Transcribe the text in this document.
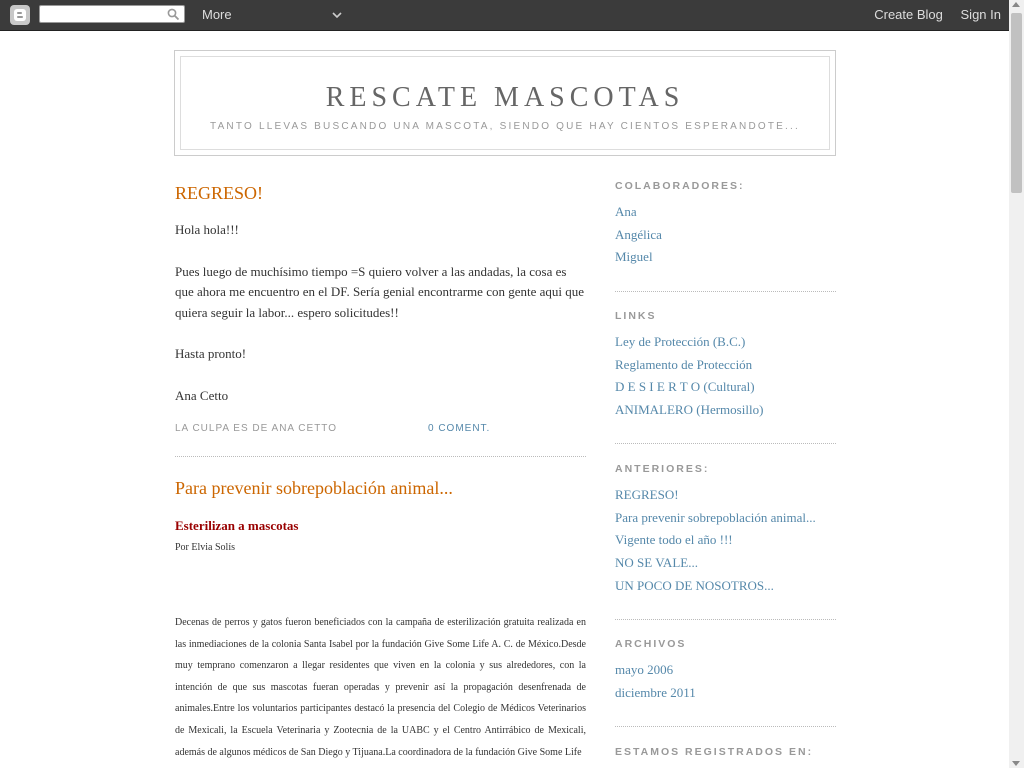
More	Create Blog Sign In
RESCATE MASCOTAS
TANTO LLEVAS BUSCANDO UNA MASCOTA, SIENDO QUE HAY CIENTOS ESPERANDOTE...
REGRESO!

Hola hola!!!

Pues luego de muchísimo tiempo =S quiero volver a las andadas, la cosa es que ahora me encuentro en el DF. Sería genial encontrarme con gente aqui que quiera seguir la labor... espero solicitudes!!

Hasta pronto!

Ana Cetto

LA CULPA ES DE ANA CETTO	0 COMENT.
Para prevenir sobrepoblación animal...
Esterilizan a mascotas
Por Elvia Solís
Decenas de perros y gatos fueron beneficiados con la campaña de esterilización gratuita realizada en las inmediaciones de la colonia Santa Isabel por la fundación Give Some Life A. C. de México.Desde muy temprano comenzaron a llegar residentes que viven en la colonia y sus alrededores, con la intención de que sus mascotas fueran operadas y prevenir así la propagación desenfrenada de animales.Entre los voluntarios participantes destacó la presencia del Colegio de Médicos Veterinarios de Mexicali, la Escuela Veterinaria y Zootecnia de la UABC y el Centro Antirrábico de Mexicali, además de algunos médicos de San Diego y Tijuana.La coordinadora de la fundación Give Some Life
COLABORADORES:
Ana
Angélica
Miguel
LINKS
Ley de Protección (B.C.)
Reglamento de Protección
D E S I E R T O (Cultural)
ANIMALERO (Hermosillo)
ANTERIORES:
REGRESO!
Para prevenir sobrepoblación animal...
Vigente todo el año !!!
NO SE VALE...
UN POCO DE NOSOTROS...
ARCHIVOS
mayo 2006
diciembre 2011
ESTAMOS REGISTRADOS EN:
